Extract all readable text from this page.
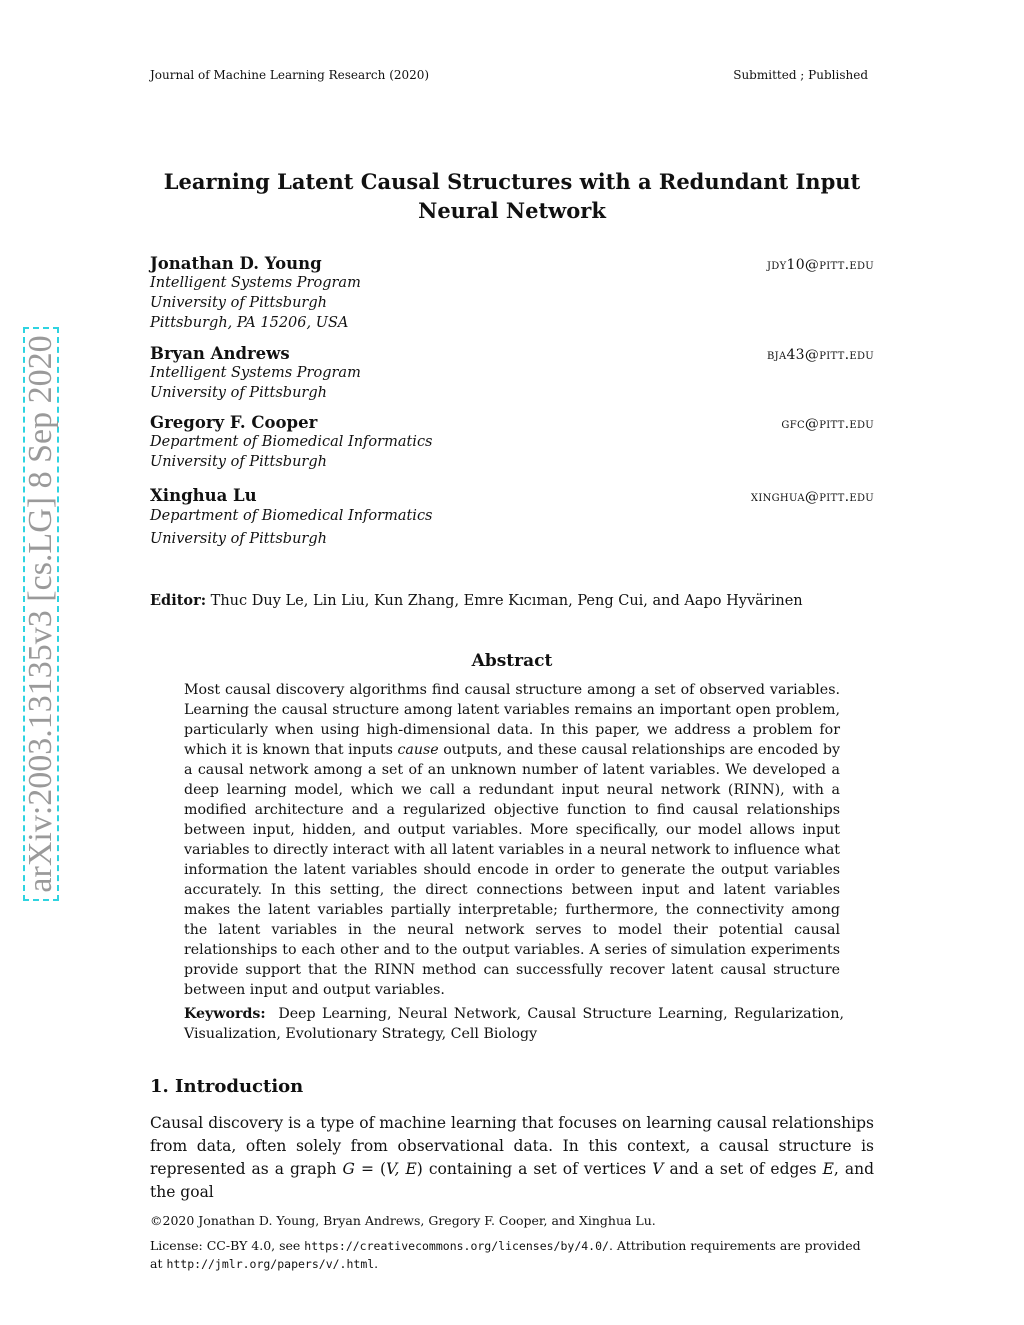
Journal of Machine Learning Research (2020)	Submitted ; Published
Learning Latent Causal Structures with a Redundant Input Neural Network
Jonathan D. Young	jdy10@pitt.edu
Intelligent Systems Program
University of Pittsburgh
Pittsburgh, PA 15206, USA
Bryan Andrews	bja43@pitt.edu
Intelligent Systems Program
University of Pittsburgh
Gregory F. Cooper	gfc@pitt.edu
Department of Biomedical Informatics
University of Pittsburgh
Xinghua Lu	xinghua@pitt.edu
Department of Biomedical Informatics
University of Pittsburgh
Editor: Thuc Duy Le, Lin Liu, Kun Zhang, Emre Kıcıman, Peng Cui, and Aapo Hyvärinen
Abstract
Most causal discovery algorithms find causal structure among a set of observed variables. Learning the causal structure among latent variables remains an important open problem, particularly when using high-dimensional data. In this paper, we address a problem for which it is known that inputs cause outputs, and these causal relationships are encoded by a causal network among a set of an unknown number of latent variables. We developed a deep learning model, which we call a redundant input neural network (RINN), with a modified architecture and a regularized objective function to find causal relationships between input, hidden, and output variables. More specifically, our model allows input variables to directly interact with all latent variables in a neural network to influence what information the latent variables should encode in order to generate the output variables accurately. In this setting, the direct connections between input and latent variables makes the latent variables partially interpretable; furthermore, the connectivity among the latent variables in the neural network serves to model their potential causal relationships to each other and to the output variables. A series of simulation experiments provide support that the RINN method can successfully recover latent causal structure between input and output variables.
Keywords: Deep Learning, Neural Network, Causal Structure Learning, Regularization, Visualization, Evolutionary Strategy, Cell Biology
1. Introduction
Causal discovery is a type of machine learning that focuses on learning causal relationships from data, often solely from observational data. In this context, a causal structure is represented as a graph G = (V, E) containing a set of vertices V and a set of edges E, and the goal
©2020 Jonathan D. Young, Bryan Andrews, Gregory F. Cooper, and Xinghua Lu.
License: CC-BY 4.0, see https://creativecommons.org/licenses/by/4.0/. Attribution requirements are provided at http://jmlr.org/papers/v/.html.
arXiv:2003.13135v3 [cs.LG] 8 Sep 2020
